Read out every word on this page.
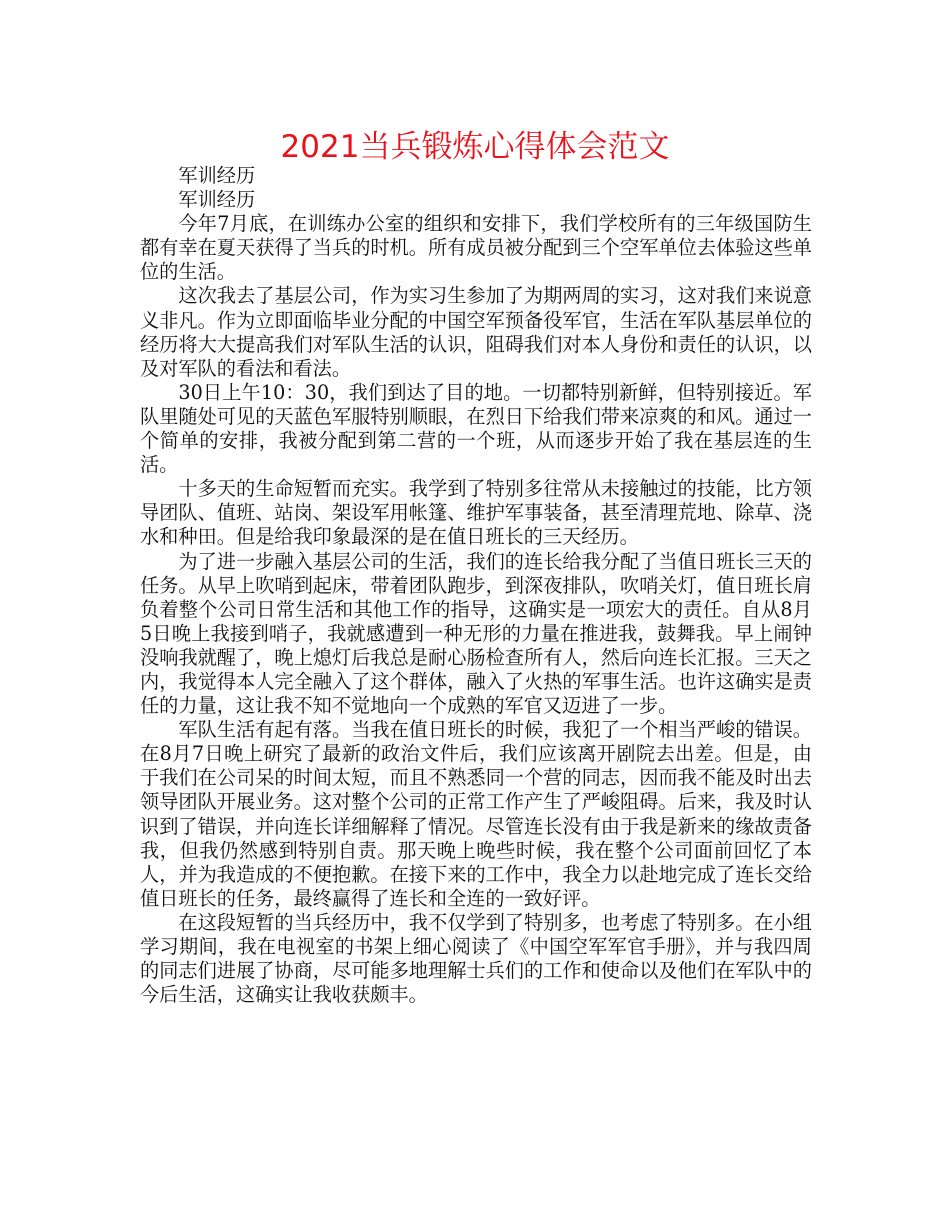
2021当兵锻炼心得体会范文

军训经历

军训经历

今年7月底，在训练办公室的组织和安排下，我们学校所有的三年级国防生都有幸在夏天获得了当兵的时机。所有成员被分配到三个空军单位去体验这些单位的生活。

这次我去了基层公司，作为实习生参加了为期两周的实习，这对我们来说意义非凡。作为立即面临毕业分配的中国空军预备役军官，生活在军队基层单位的经历将大大提高我们对军队生活的认识，阻碍我们对本人身份和责任的认识，以及对军队的看法和看法。

30日上午10：30，我们到达了目的地。一切都特别新鲜，但特别接近。军队里随处可见的天蓝色军服特别顺眼，在烈日下给我们带来凉爽的和风。通过一个简单的安排，我被分配到第二营的一个班，从而逐步开始了我在基层连的生活。

十多天的生命短暂而充实。我学到了特别多往常从未接触过的技能，比方领导团队、值班、站岗、架设军用帐篷、维护军事装备，甚至清理荒地、除草、浇水和种田。但是给我印象最深的是在值日班长的三天经历。

为了进一步融入基层公司的生活，我们的连长给我分配了当值日班长三天的任务。从早上吹哨到起床，带着团队跑步，到深夜排队，吹哨关灯，值日班长肩负着整个公司日常生活和其他工作的指导，这确实是一项宏大的责任。自从8月5日晚上我接到哨子，我就感遭到一种无形的力量在推进我，鼓舞我。早上闹钟没响我就醒了，晚上熄灯后我总是耐心肠检查所有人，然后向连长汇报。三天之内，我觉得本人完全融入了这个群体，融入了火热的军事生活。也许这确实是责任的力量，这让我不知不觉地向一个成熟的军官又迈进了一步。

军队生活有起有落。当我在值日班长的时候，我犯了一个相当严峻的错误。在8月7日晚上研究了最新的政治文件后，我们应该离开剧院去出差。但是，由于我们在公司呆的时间太短，而且不熟悉同一个营的同志，因而我不能及时出去领导团队开展业务。这对整个公司的正常工作产生了严峻阻碍。后来，我及时认识到了错误，并向连长详细解释了情况。尽管连长没有由于我是新来的缘故责备我，但我仍然感到特别自责。那天晚上晚些时候，我在整个公司面前回忆了本人，并为我造成的不便抱歉。在接下来的工作中，我全力以赴地完成了连长交给值日班长的任务，最终赢得了连长和全连的一致好评。

在这段短暂的当兵经历中，我不仅学到了特别多，也考虑了特别多。在小组学习期间，我在电视室的书架上细心阅读了《中国空军军官手册》，并与我四周的同志们进展了协商，尽可能多地理解士兵们的工作和使命以及他们在军队中的今后生活，这确实让我收获颇丰。
